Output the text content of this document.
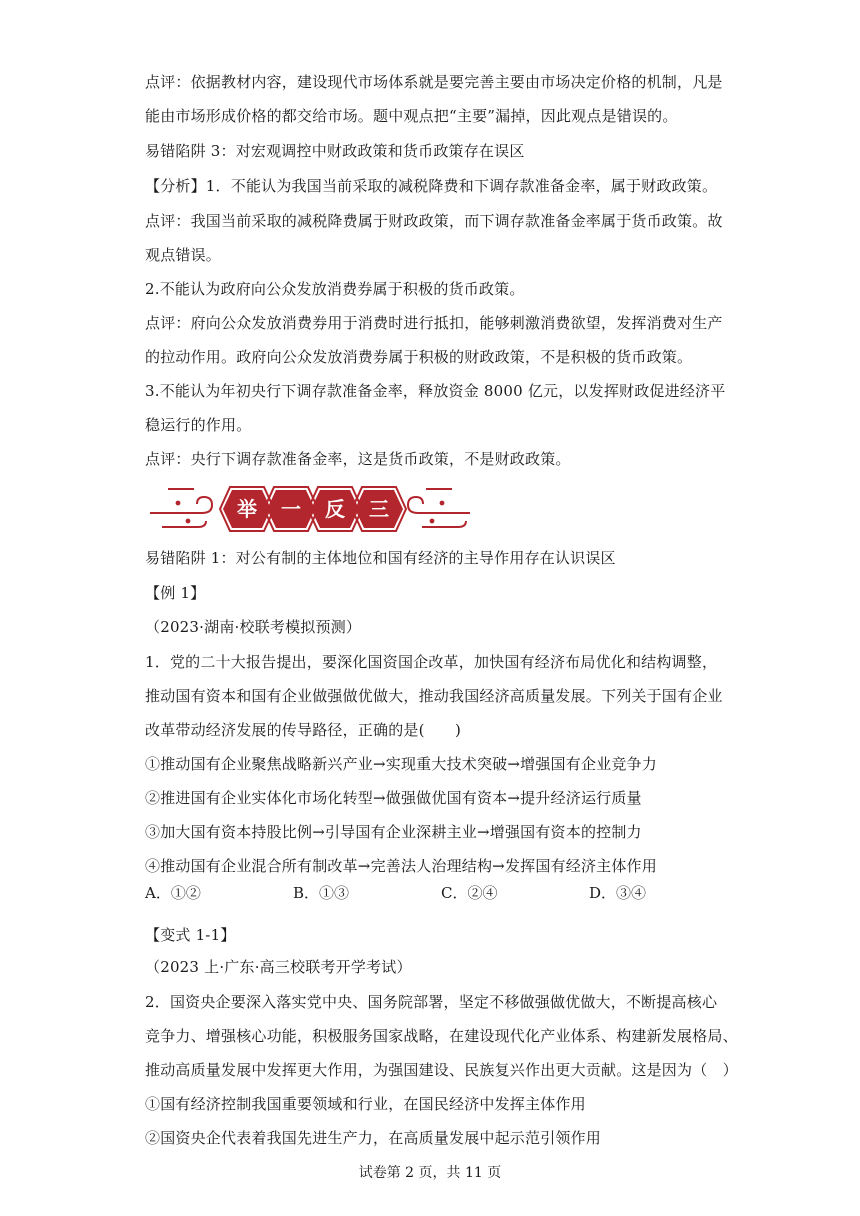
点评：依据教材内容，建设现代市场体系就是要完善主要由市场决定价格的机制，凡是
能由市场形成价格的都交给市场。题中观点把“主要”漏掉，因此观点是错误的。
易错陷阱 3：对宏观调控中财政政策和货币政策存在误区
【分析】1．不能认为我国当前采取的减税降费和下调存款准备金率，属于财政政策。
点评：我国当前采取的减税降费属于财政政策，而下调存款准备金率属于货币政策。故
观点错误。
2.不能认为政府向公众发放消费券属于积极的货币政策。
点评：府向公众发放消费券用于消费时进行抵扣，能够刺激消费欲望，发挥消费对生产
的拉动作用。政府向公众发放消费券属于积极的财政政策，不是积极的货币政策。
3.不能认为年初央行下调存款准备金率，释放资金 8000 亿元，以发挥财政促进经济平
稳运行的作用。
点评：央行下调存款准备金率，这是货币政策，不是财政政策。
举 一 反 三
易错陷阱 1：对公有制的主体地位和国有经济的主导作用存在认识误区
【例 1】
（2023·湖南·校联考模拟预测）
1．党的二十大报告提出，要深化国资国企改革，加快国有经济布局优化和结构调整，
推动国有资本和国有企业做强做优做大，推动我国经济高质量发展。下列关于国有企业
改革带动经济发展的传导路径，正确的是(　　)
①推动国有企业聚焦战略新兴产业→实现重大技术突破→增强国有企业竞争力
②推进国有企业实体化市场化转型→做强做优国有资本→提升经济运行质量
③加大国有资本持股比例→引导国有企业深耕主业→增强国有资本的控制力
④推动国有企业混合所有制改革→完善法人治理结构→发挥国有经济主体作用
A．①②	B．①③	C．②④	D．③④
【变式 1-1】
（2023 上·广东·高三校联考开学考试）
2．国资央企要深入落实党中央、国务院部署，坚定不移做强做优做大，不断提高核心
竞争力、增强核心功能，积极服务国家战略，在建设现代化产业体系、构建新发展格局、
推动高质量发展中发挥更大作用，为强国建设、民族复兴作出更大贡献。这是因为（　）
①国有经济控制我国重要领域和行业，在国民经济中发挥主体作用
②国资央企代表着我国先进生产力，在高质量发展中起示范引领作用
试卷第 2 页，共 11 页
